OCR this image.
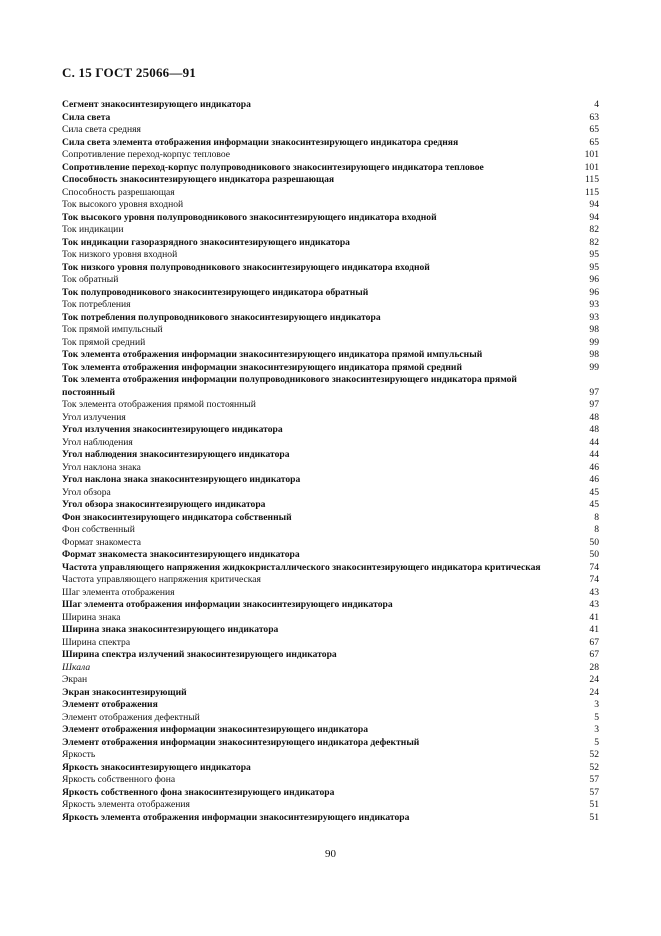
С. 15 ГОСТ 25066—91
Сегмент знакосинтезирующего индикатора	4
Сила света	63
Сила света средняя	65
Сила света элемента отображения информации знакосинтезирующего индикатора средняя	65
Сопротивление переход-корпус тепловое	101
Сопротивление переход-корпус полупроводникового знакосинтезирующего индикатора тепловое	101
Способность знакосинтезирующего индикатора разрешающая	115
Способность разрешающая	115
Ток высокого уровня входной	94
Ток высокого уровня полупроводникового знакосинтезирующего индикатора входной	94
Ток индикации	82
Ток индикации газоразрядного знакосинтезирующего индикатора	82
Ток низкого уровня входной	95
Ток низкого уровня полупроводникового знакосинтезирующего индикатора входной	95
Ток обратный	96
Ток полупроводникового знакосинтезирующего индикатора обратный	96
Ток потребления	93
Ток потребления полупроводникового знакосинтезирующего индикатора	93
Ток прямой импульсный	98
Ток прямой средний	99
Ток элемента отображения информации знакосинтезирующего индикатора прямой импульсный	98
Ток элемента отображения информации знакосинтезирующего индикатора прямой средний	99
Ток элемента отображения информации полупроводникового знакосинтезирующего индикатора прямой постоянный	97
Ток элемента отображения прямой постоянный	97
Угол излучения	48
Угол излучения знакосинтезирующего индикатора	48
Угол наблюдения	44
Угол наблюдения знакосинтезирующего индикатора	44
Угол наклона знака	46
Угол наклона знака знакосинтезирующего индикатора	46
Угол обзора	45
Угол обзора знакосинтезирующего индикатора	45
Фон знакосинтезирующего индикатора собственный	8
Фон собственный	8
Формат знакоместа	50
Формат знакоместа знакосинтезирующего индикатора	50
Частота управляющего напряжения жидкокристаллического знакосинтезирующего индикатора критическая	74
Частота управляющего напряжения критическая	74
Шаг элемента отображения	43
Шаг элемента отображения информации знакосинтезирующего индикатора	43
Ширина знака	41
Ширина знака знакосинтезирующего индикатора	41
Ширина спектра	67
Ширина спектра излучений знакосинтезирующего индикатора	67
Шкала	28
Экран	24
Экран знакосинтезирующий	24
Элемент отображения	3
Элемент отображения дефектный	5
Элемент отображения информации знакосинтезирующего индикатора	3
Элемент отображения информации знакосинтезирующего индикатора дефектный	5
Яркость	52
Яркость знакосинтезирующего индикатора	52
Яркость собственного фона	57
Яркость собственного фона знакосинтезирующего индикатора	57
Яркость элемента отображения	51
Яркость элемента отображения информации знакосинтезирующего индикатора	51
90
